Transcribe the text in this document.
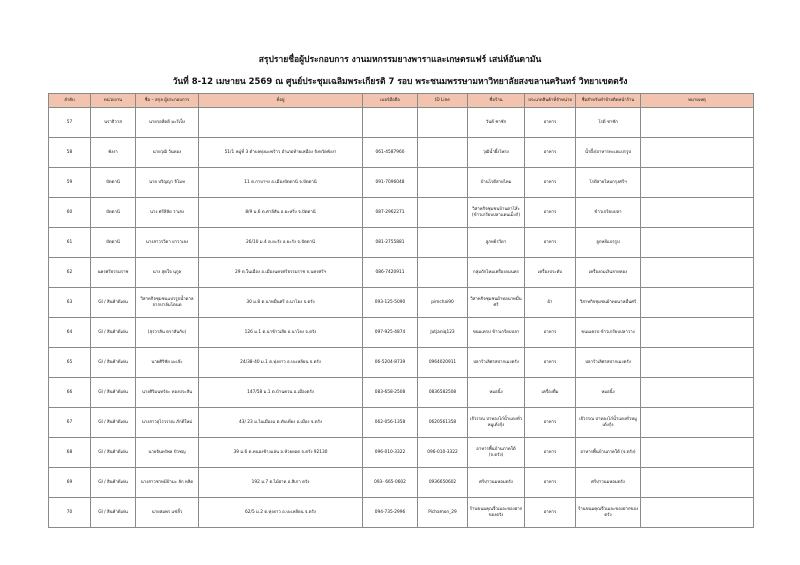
สรุปรายชื่อผู้ประกอบการ งานมหกรรมยางพาราและเกษตรแฟร์ เสน่ห์อันดามัน
วันที่ 8-12 เมษายน 2569 ณ ศูนย์ประชุมเฉลิมพระเกียรติ 7 รอบ พระชนมพรรษามหาวิทยาลัยสงขลานครินทร์ วิทยาเขตตรัง
ลำดับ	หน่วยงาน	ชื่อ – สกุล ผู้ประกอบการ	ที่อยู่	เบอร์มือถือ	ID Line	ชื่อร้าน	ประเภทสินค้าที่จำหน่าย	ชื่อสำหรับทำป้ายติดหน้าร้าน	หมายเหตุ
57	นราธิวาส	นายรอสีดดี มะรีเป็ง				วันดี ชาชัก	อาหาร	โรตี ชาชัก	
58	พังงา	นายวุฒิ วันทอง	51/1 หมู่ที่ 3 ตำบลทุ่งมะพร้าว อำเภอท้ายเหมือง จังหวัดพังงา	061-4587960		วุฒิน้ำผึ้งโพรง	อาหาร	น้ำผึ้ง/อาหารทะเลแปรรูป	
59	ปัตตานี	นาย ปริญญา จิโมห	11 ต.กาบาฯง อ.เมืองปัตตานี จ.ปัตตานี	091-7096048		บ้านโรตีสายไหม	อาหาร	โรตีสายไหมกรุงศรีฯ	
60	ปัตตานี	นาง ศรีสีลัย วาเสง	8/9 ม.6 ต.ศาลีสัน อ.ยะหริ่ง จ.ปัตตานี	087-2962271		วิสาหกิจชุมชนบ้านตาโล๊ะ (ข้าวเกรียบปลาแดนเม็งก์)	อาหาร	ข้าวเกรียบปลา	
61	ปัตตานี	นางสาวรวีดา ยาวาเลง	26/10 ม.4 ต.ยะรัง อ.ยะรัง จ.ปัตตานี	081-2755881		ลูกหยีรวีดา	อาหาร	ลูกหยีแปรรูป	
62	นครศรีธรรมราช	นาง สุดใจ นุกูล	29 ต.ในเมือง อ.เมืองนครศรีธรรมราช จ.นครศรีฯ	086-7420911		กลุ่มถักไหมเครื่องถมนคร	เครื่องประดับ	เครื่องถมเงินลายทอง	
63	GI / สินค้าดีเด่น	วิสาหกิจชุมชนแปรรูปน้ำตาลจากปาล์มโตนด	30 ม.8 ต.นาหมื่นศรี อ.นาโยง จ.ตรัง	093-125-5090	pimchai90	วิสาหกิจชุมชนผ้าทอนาหมื่นศรี	ผ้า	วิสาหกิจชุมชนผ้าทอนาหมื่นศรี	
64	GI / สินค้าดีเด่น	(สุรวาสัน ตราสันกับ)	126 ม.1 ต.นาข้าวเสีย อ.นาโยง จ.ตรัง	097-925-4874	Jutjaniq123	ขนมเครป ข้าวเกรียบปลา	อาหาร	ขนมเครป ข้าวเกรียบปลาวาง	
65	GI / สินค้าดีเด่น	นายศิริชัย มะเจ๊ะ	24/38-40 ม.1 ต.ทุ่งยาว อ.ปะเหลียน จ.ตรัง	06-5204-8739	0964020911	ปลาร้าเลิศรสปากเมงตรัง	อาหาร	ปลาร้าเลิศรสปากเมงตรัง	
66	GI / สินค้าดีเด่น	นางศิริมนทร์ธะ ทองประสัน	147/58 ม.1 ต.บ้านควน อ.เมืองตรัง	083-658-2508	0836582508	หมอนิ้ง	เครื่องดื่ม	หมอนิ้ง	
67	GI / สินค้าดีเด่น	นางสาวอุไรวรรณ ภักดีใหม่	43/ 23 ม.ไนเมืองม ต.ทับเที่ยง อ.เมือง จ.ตรัง	062-056-1358	0620561358	เจ๊วรรณ ปาทองโก๋น้ำแดงทั่วหมูเด้งกุ้ง	อาหาร	เจ๊วรรณ ปาทองโก๋น้ำแดงทั่วหมูเด้งกุ้ง	
68	GI / สินค้าดีเด่น	นายจันทร์พล ปัวชญ	39 ม.6 ต.หนองช้างแล่น อ.ห้วยยอด จ.ตรัง 92130	096-010-3322	096-010-3322	อาหารพื้นบ้านภาคใต้ (จ.ตรัง)	อาหาร	อาหารพื้นบ้านภาคใต้ (จ.ตรัง)	
69	GI / สินค้าดีเด่น	นางสาวชาหมีป้ามะ ลัก หลิด	192 ม.7 ต.ไม้ฝาด อ.สิเกา ตรัง	093- 665-0602	0936650602	ศรีปาวนมหอมตรัง	อาหาร	ศรีปาวนมหอมตรัง	
70	GI / สินค้าดีเด่น	นายสมพร แซ่ลี้ว	62/5 ม.2 ต.ทุ่งยาว อ.ปะเหลียน จ.ตรัง	094-735-2996	Pichamon_29	ร้านขนมคุณจิ๋วเมอะของฝากของตรัง	อาหาร	ร้านขนมคุณจิ๋วเมอะของฝากของตรัง	
